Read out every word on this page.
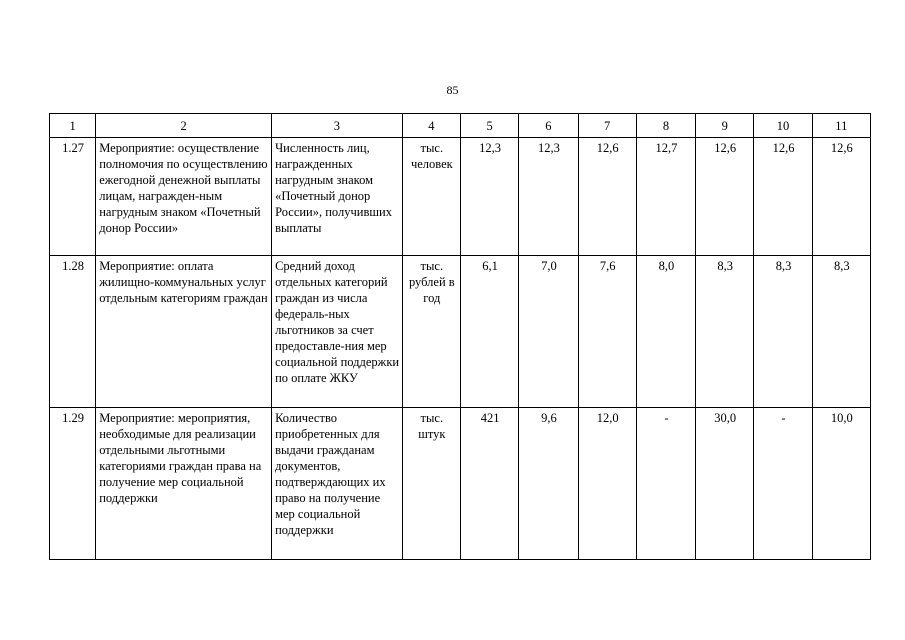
85
1	2	3	4	5	6	7	8	9	10	11
1.27	Мероприятие: осуществление полномочия по осуществлению ежегодной денежной выплаты лицам, награжден-ным нагрудным знаком «Почетный донор России»	Численность лиц, награжденных нагрудным знаком «Почетный донор России», получивших выплаты	тыс. человек	12,3	12,3	12,6	12,7	12,6	12,6	12,6
1.28	Мероприятие: оплата жилищно-коммунальных услуг отдельным категориям граждан	Средний доход отдельных категорий граждан из числа федераль-ных льготников за счет предоставле-ния мер социальной поддержки по оплате ЖКУ	тыс. рублей в год	6,1	7,0	7,6	8,0	8,3	8,3	8,3
1.29	Мероприятие: мероприятия, необходимые для реализации отдельными льготными категориями граждан права на получение мер социальной поддержки	Количество приобретенных для выдачи гражданам документов, подтверждающих их право на получение мер социальной поддержки	тыс. штук	421	9,6	12,0	-	30,0	-	10,0
